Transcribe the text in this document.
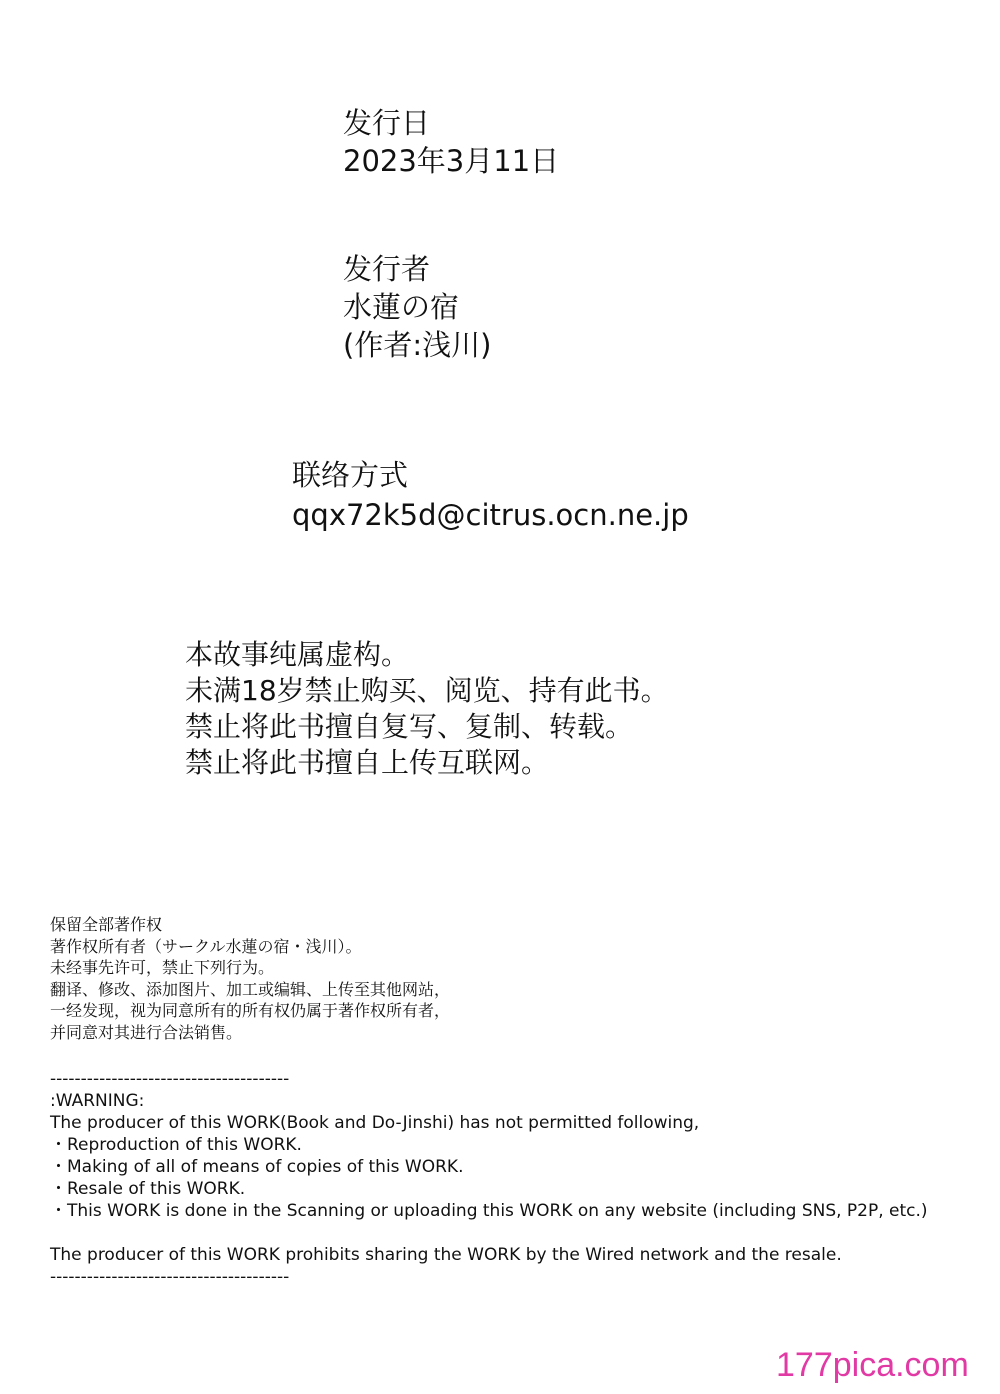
发行日
2023年3月11日
发行者
水蓮の宿
(作者:浅川)
联络方式
qqx72k5d@citrus.ocn.ne.jp
本故事纯属虚构。
未满18岁禁止购买、阅览、持有此书。
禁止将此书擅自复写、复制、转载。
禁止将此书擅自上传互联网。
保留全部著作权
著作权所有者（サークル水蓮の宿・浅川）。
未经事先许可，禁止下列行为。
翻译、修改、添加图片、加工或编辑、上传至其他网站，
一经发现，视为同意所有的所有权仍属于著作权所有者，
并同意对其进行合法销售。
---------------------------------------
:WARNING:
The producer of this WORK(Book and Do-Jinshi) has not permitted following,
・Reproduction of this WORK.
・Making of all of means of copies of this WORK.
・Resale of this WORK.
・This WORK is done in the Scanning or uploading this WORK on any website (including SNS, P2P, etc.)
The producer of this WORK prohibits sharing the WORK by the Wired network and the resale.
---------------------------------------
177pica.com
